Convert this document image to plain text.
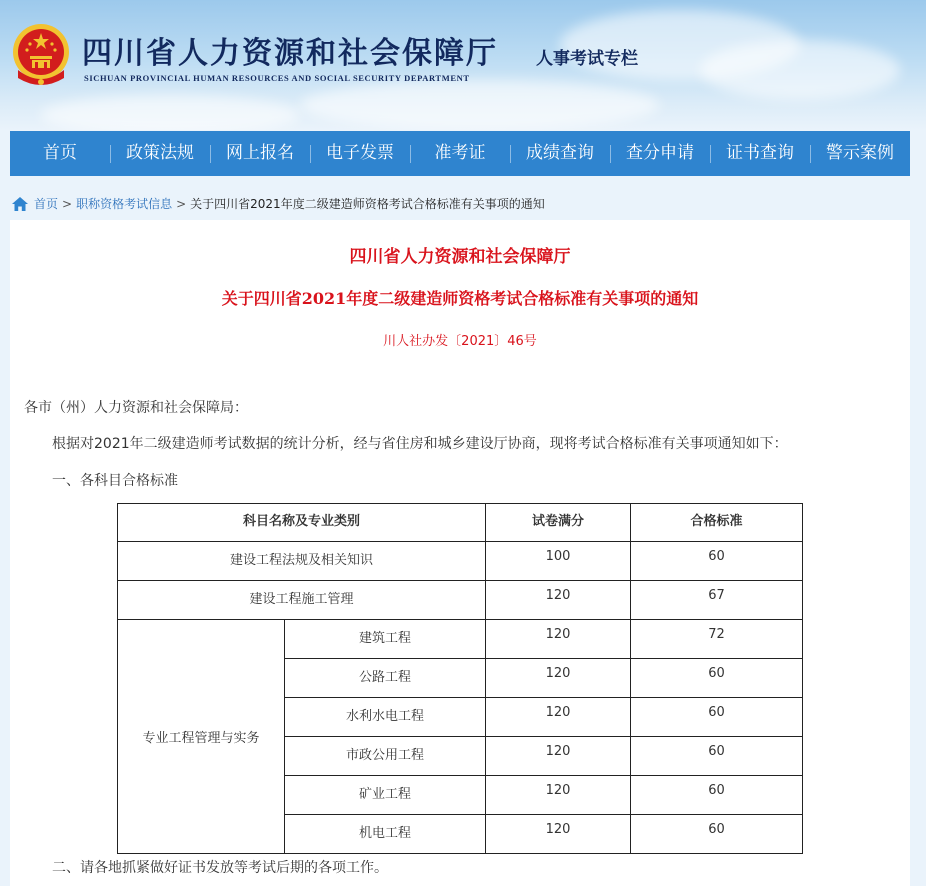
四川省人力资源和社会保障厅
SICHUAN PROVINCIAL HUMAN RESOURCES AND SOCIAL SECURITY DEPARTMENT
人事考试专栏
首页	政策法规	网上报名	电子发票	准考证	成绩查询	查分申请	证书查询	警示案例
首页 > 职称资格考试信息 > 关于四川省2021年度二级建造师资格考试合格标准有关事项的通知
四川省人力资源和社会保障厅
关于四川省2021年度二级建造师资格考试合格标准有关事项的通知
川人社办发〔2021〕46号
各市（州）人力资源和社会保障局：
根据对2021年二级建造师考试数据的统计分析，经与省住房和城乡建设厅协商，现将考试合格标准有关事项通知如下：
一、各科目合格标准
科目名称及专业类别		试卷满分	合格标准
建设工程法规及相关知识		100	60
建设工程施工管理		120	67
专业工程管理与实务	建筑工程	120	72
	公路工程	120	60
	水利水电工程	120	60
	市政公用工程	120	60
	矿业工程	120	60
	机电工程	120	60
二、请各地抓紧做好证书发放等考试后期的各项工作。
